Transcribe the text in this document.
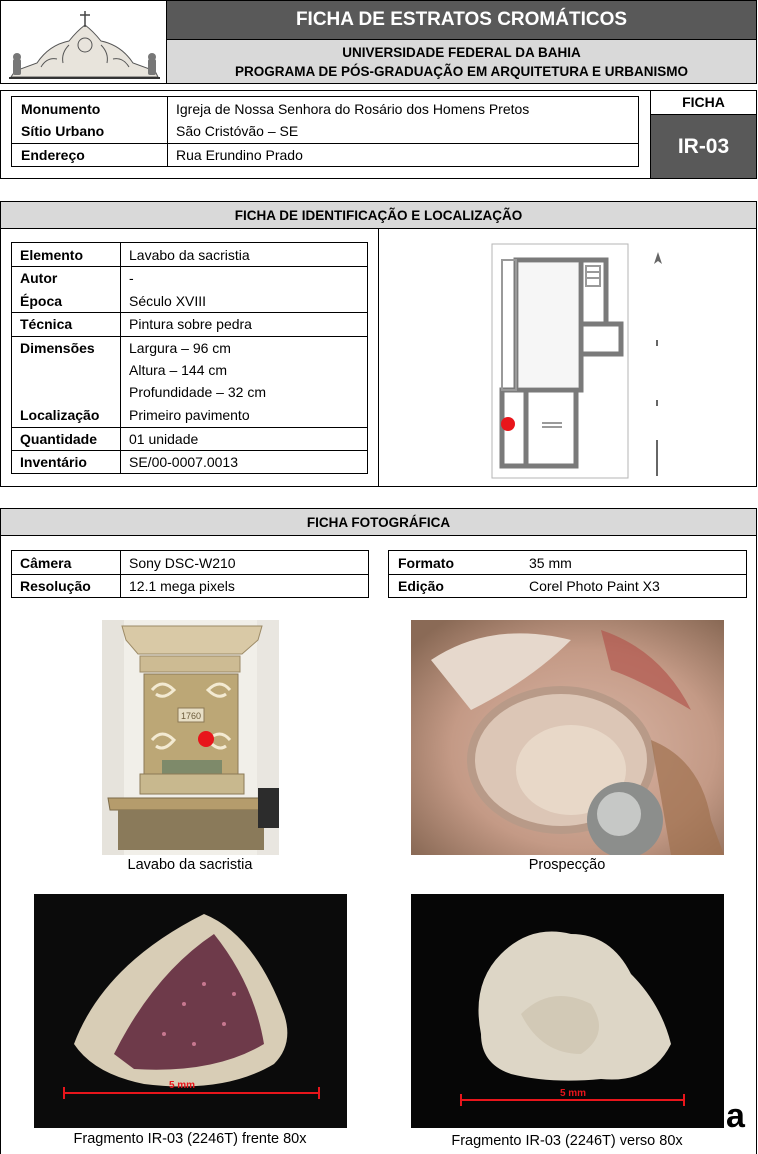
FICHA DE ESTRATOS CROMÁTICOS
UNIVERSIDADE FEDERAL DA BAHIA
PROGRAMA DE PÓS-GRADUAÇÃO EM ARQUITETURA E URBANISMO
Monumento	Igreja de Nossa Senhora do Rosário dos Homens Pretos
Sítio Urbano	São Cristóvão – SE
Endereço	Rua Erundino Prado
FICHA
IR-03
FICHA DE IDENTIFICAÇÃO E LOCALIZAÇÃO
Elemento	Lavabo da sacristia
Autor	-
Época	Século XVIII
Técnica	Pintura sobre pedra
Dimensões Largura – 96 cm
Altura – 144 cm
Profundidade – 32 cm
Localização Primeiro pavimento
Quantidade 01 unidade
Inventário	SE/00-0007.0013
FICHA FOTOGRÁFICA
Câmera	Sony DSC-W210
Resolução	12.1 mega pixels
Formato	35 mm
Edição	Corel Photo Paint X3
1760
Lavabo da sacristia	Prospecção
5 mm
Fragmento IR-03 (2246T) frente 80x
5 mm
Fragmento IR-03 (2246T) verso 80x
a
